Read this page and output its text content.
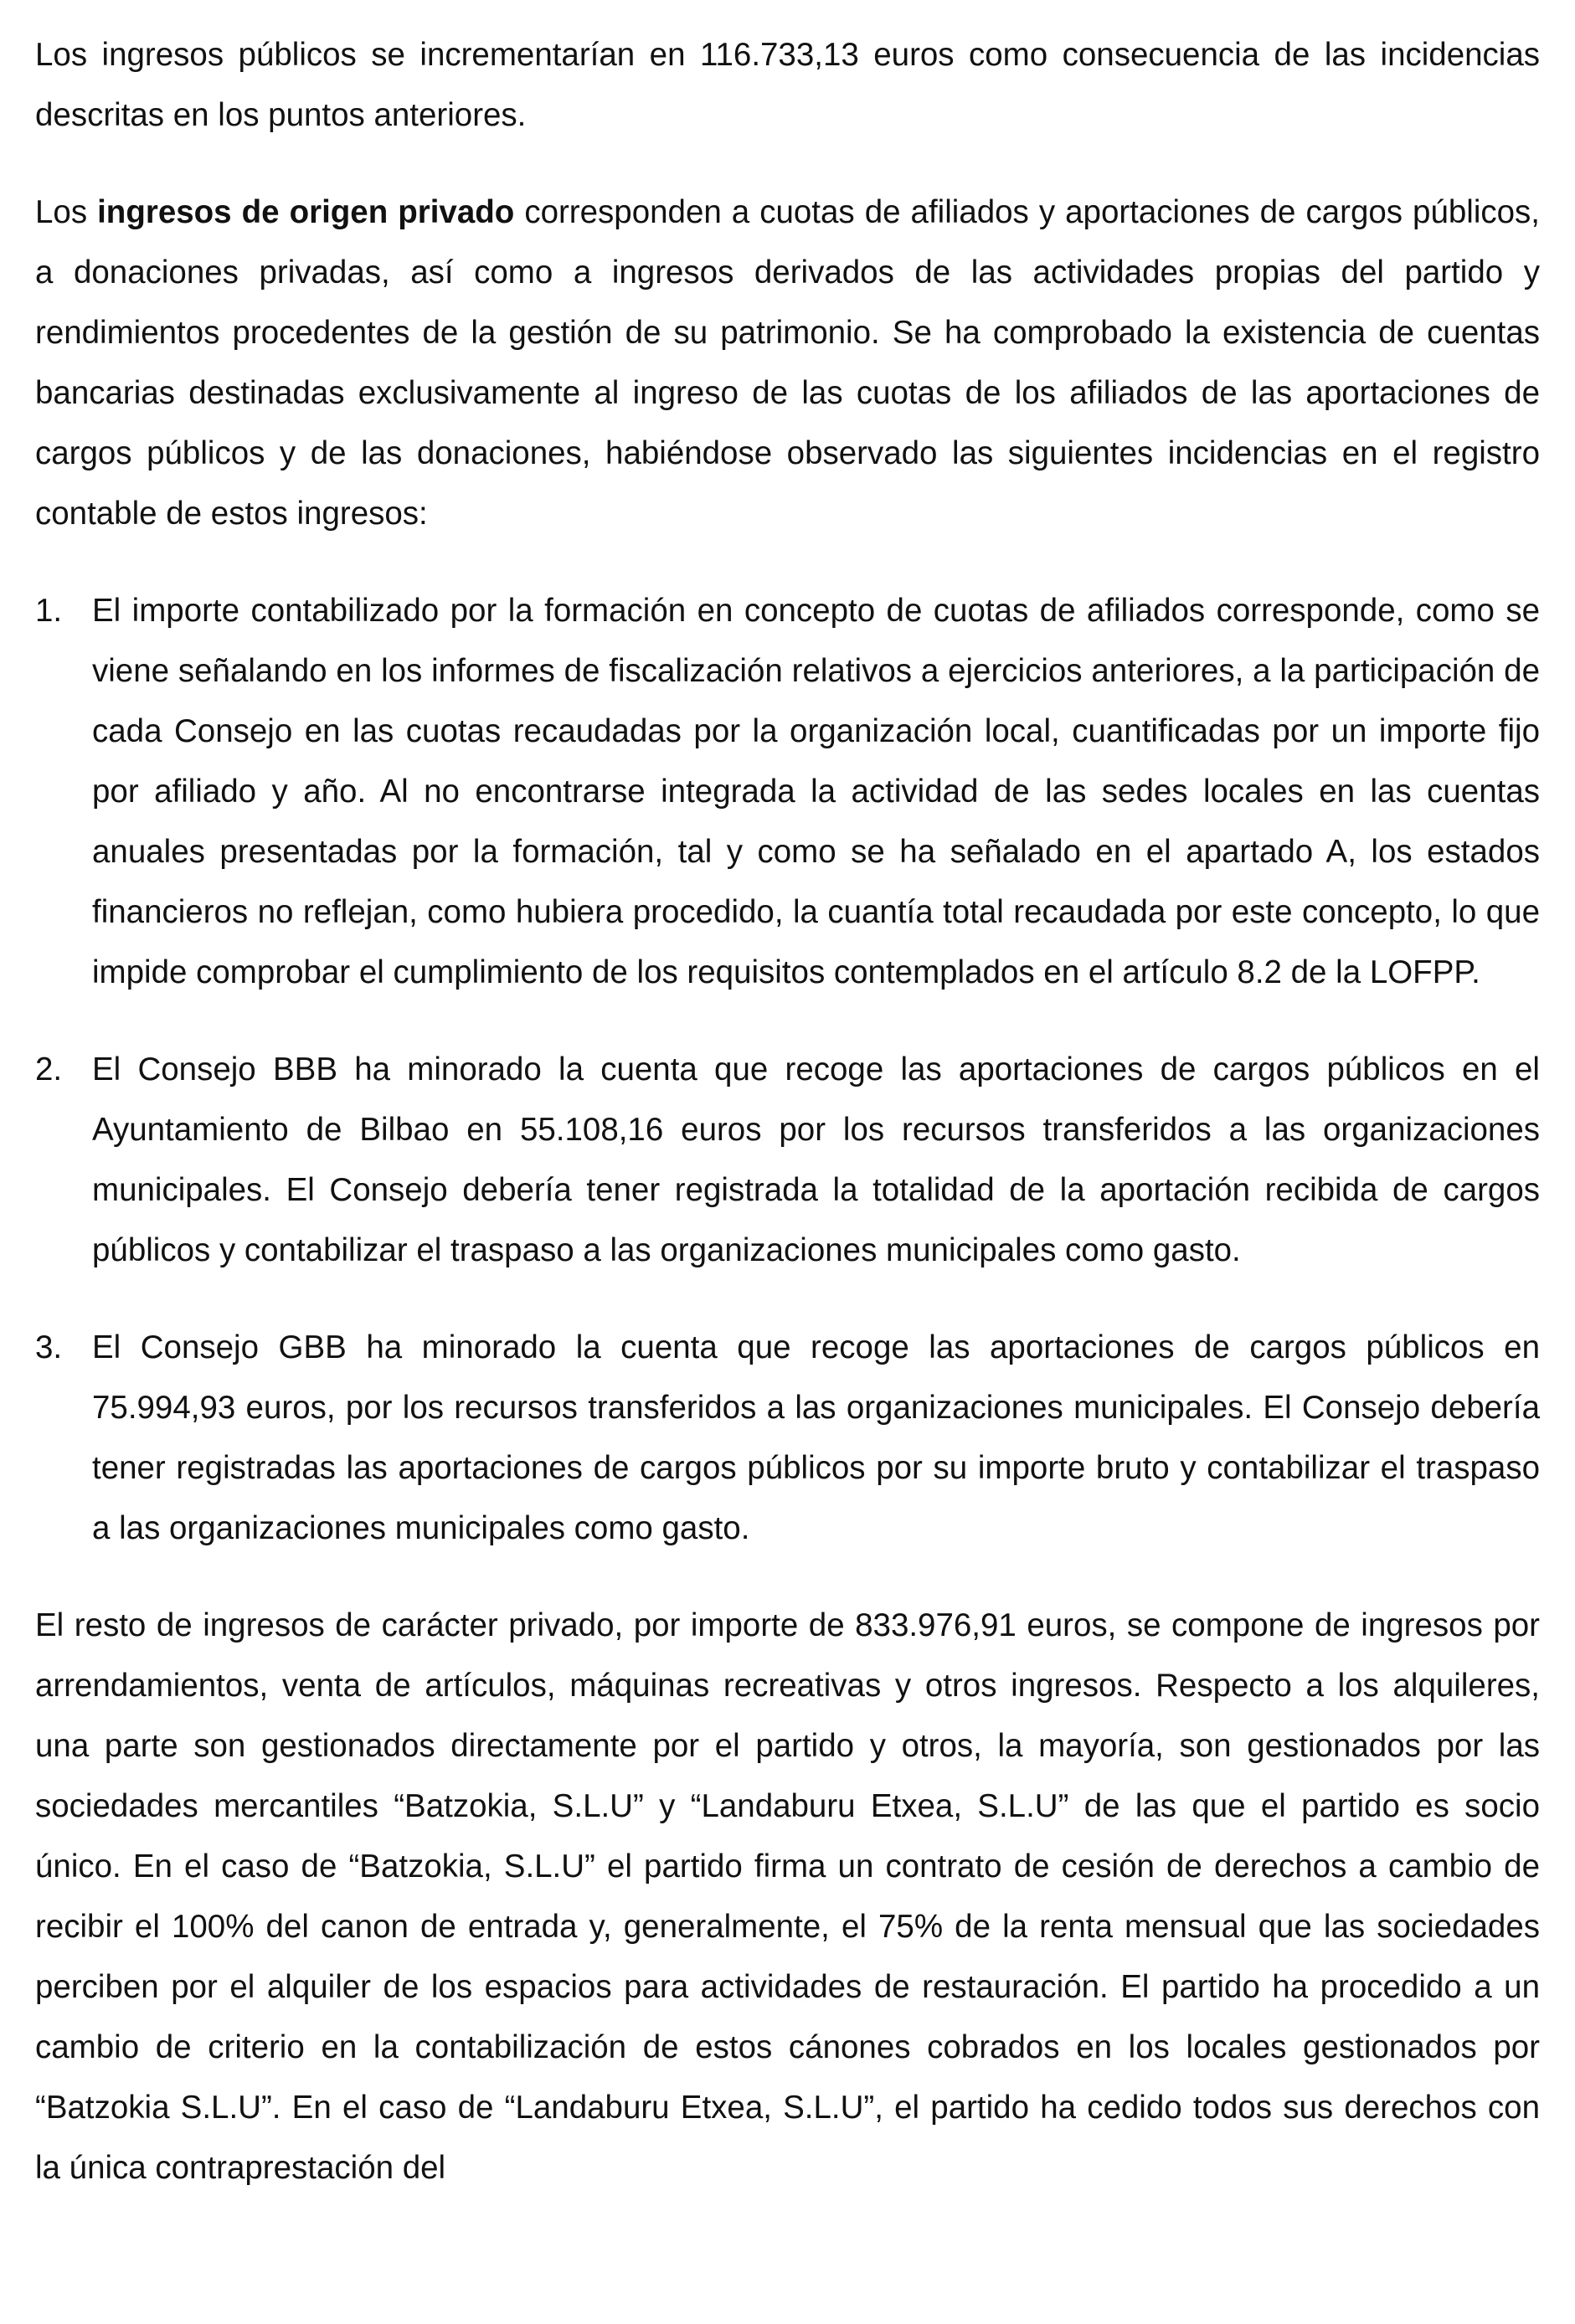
Los ingresos públicos se incrementarían en 116.733,13 euros como consecuencia de las incidencias descritas en los puntos anteriores.

Los ingresos de origen privado corresponden a cuotas de afiliados y aportaciones de cargos públicos, a donaciones privadas, así como a ingresos derivados de las actividades propias del partido y rendimientos procedentes de la gestión de su patrimonio. Se ha comprobado la existencia de cuentas bancarias destinadas exclusivamente al ingreso de las cuotas de los afiliados de las aportaciones de cargos públicos y de las donaciones, habiéndose observado las siguientes incidencias en el registro contable de estos ingresos:

1. El importe contabilizado por la formación en concepto de cuotas de afiliados corresponde, como se viene señalando en los informes de fiscalización relativos a ejercicios anteriores, a la participación de cada Consejo en las cuotas recaudadas por la organización local, cuantificadas por un importe fijo por afiliado y año. Al no encontrarse integrada la actividad de las sedes locales en las cuentas anuales presentadas por la formación, tal y como se ha señalado en el apartado A, los estados financieros no reflejan, como hubiera procedido, la cuantía total recaudada por este concepto, lo que impide comprobar el cumplimiento de los requisitos contemplados en el artículo 8.2 de la LOFPP.
2. El Consejo BBB ha minorado la cuenta que recoge las aportaciones de cargos públicos en el Ayuntamiento de Bilbao en 55.108,16 euros por los recursos transferidos a las organizaciones municipales. El Consejo debería tener registrada la totalidad de la aportación recibida de cargos públicos y contabilizar el traspaso a las organizaciones municipales como gasto.
3. El Consejo GBB ha minorado la cuenta que recoge las aportaciones de cargos públicos en 75.994,93 euros, por los recursos transferidos a las organizaciones municipales. El Consejo debería tener registradas las aportaciones de cargos públicos por su importe bruto y contabilizar el traspaso a las organizaciones municipales como gasto.

El resto de ingresos de carácter privado, por importe de 833.976,91 euros, se compone de ingresos por arrendamientos, venta de artículos, máquinas recreativas y otros ingresos. Respecto a los alquileres, una parte son gestionados directamente por el partido y otros, la mayoría, son gestionados por las sociedades mercantiles “Batzokia, S.L.U” y “Landaburu Etxea, S.L.U” de las que el partido es socio único. En el caso de “Batzokia, S.L.U” el partido firma un contrato de cesión de derechos a cambio de recibir el 100% del canon de entrada y, generalmente, el 75% de la renta mensual que las sociedades perciben por el alquiler de los espacios para actividades de restauración. El partido ha procedido a un cambio de criterio en la contabilización de estos cánones cobrados en los locales gestionados por “Batzokia S.L.U”. En el caso de “Landaburu Etxea, S.L.U”, el partido ha cedido todos sus derechos con la única contraprestación del
